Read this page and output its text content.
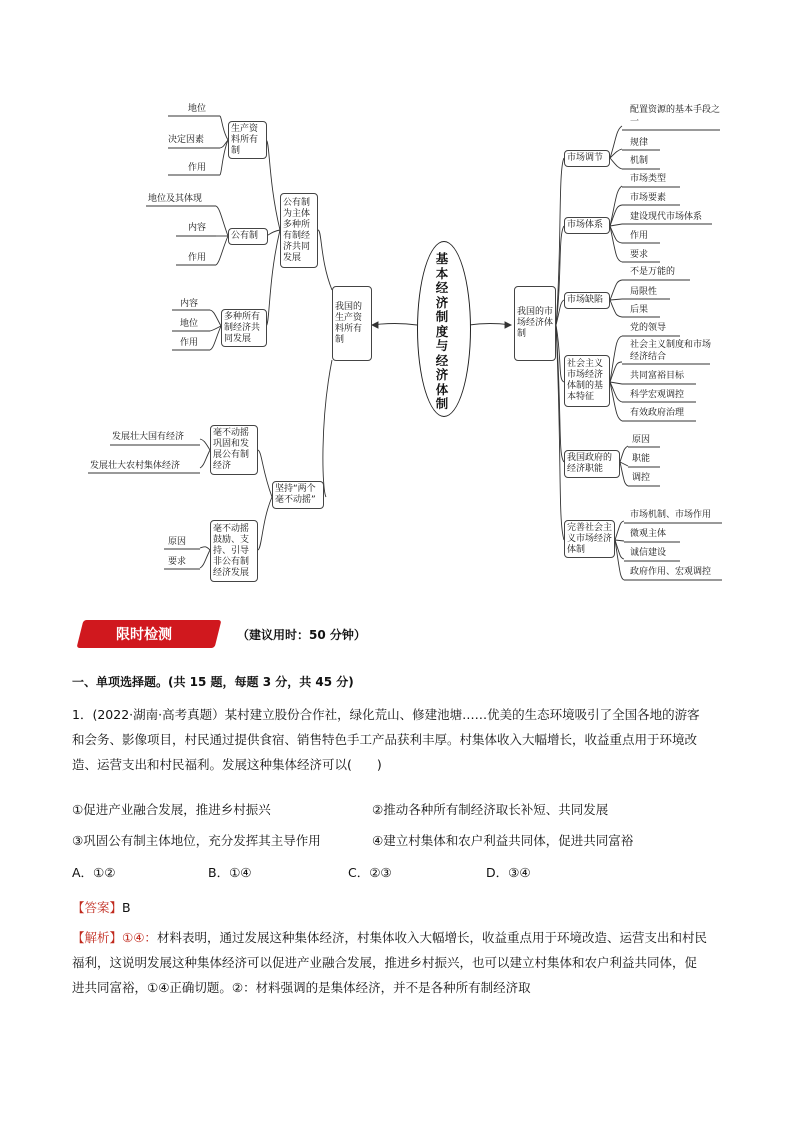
基本经济制度与经济体制
我国的生产资料所有制
公有制为主体多种所有制经济共同发展
生产资料所有制
地位
决定因素
作用
公有制
地位及其体现
内容
作用
多种所有制经济共同发展
内容
地位
作用
坚持“两个毫不动摇”
毫不动摇巩固和发展公有制经济
发展壮大国有经济
发展壮大农村集体经济
毫不动摇鼓励、支持、引导非公有制经济发展
原因
要求
我国的市场经济体制
市场调节
配置资源的基本手段之一
规律
机制
市场体系
市场类型
市场要素
建设现代市场体系
作用
要求
市场缺陷
不是万能的
局限性
后果
社会主义市场经济体制的基本特征
党的领导
社会主义制度和市场经济结合
共同富裕目标
科学宏观调控
有效政府治理
我国政府的经济职能
原因
职能
调控
完善社会主义市场经济体制
市场机制、市场作用
微观主体
诚信建设
政府作用、宏观调控
限时检测	（建议用时：50 分钟）
一、单项选择题。(共 15 题，每题 3 分，共 45 分)
1．(2022·湖南·高考真题）某村建立股份合作社，绿化荒山、修建池塘……优美的生态环境吸引了全国各地的游客和会务、影像项目，村民通过提供食宿、销售特色手工产品获利丰厚。村集体收入大幅增长，收益重点用于环境改造、运营支出和村民福利。发展这种集体经济可以(　　)
①促进产业融合发展，推进乡村振兴	②推动各种所有制经济取长补短、共同发展
③巩固公有制主体地位，充分发挥其主导作用	④建立村集体和农户利益共同体，促进共同富裕
A．①②	B．①④	C．②③	D．③④
【答案】B
【解析】①④：材料表明，通过发展这种集体经济，村集体收入大幅增长，收益重点用于环境改造、运营支出和村民福利，这说明发展这种集体经济可以促进产业融合发展，推进乡村振兴，也可以建立村集体和农户利益共同体，促进共同富裕，①④正确切题。②：材料强调的是集体经济，并不是各种所有制经济取
